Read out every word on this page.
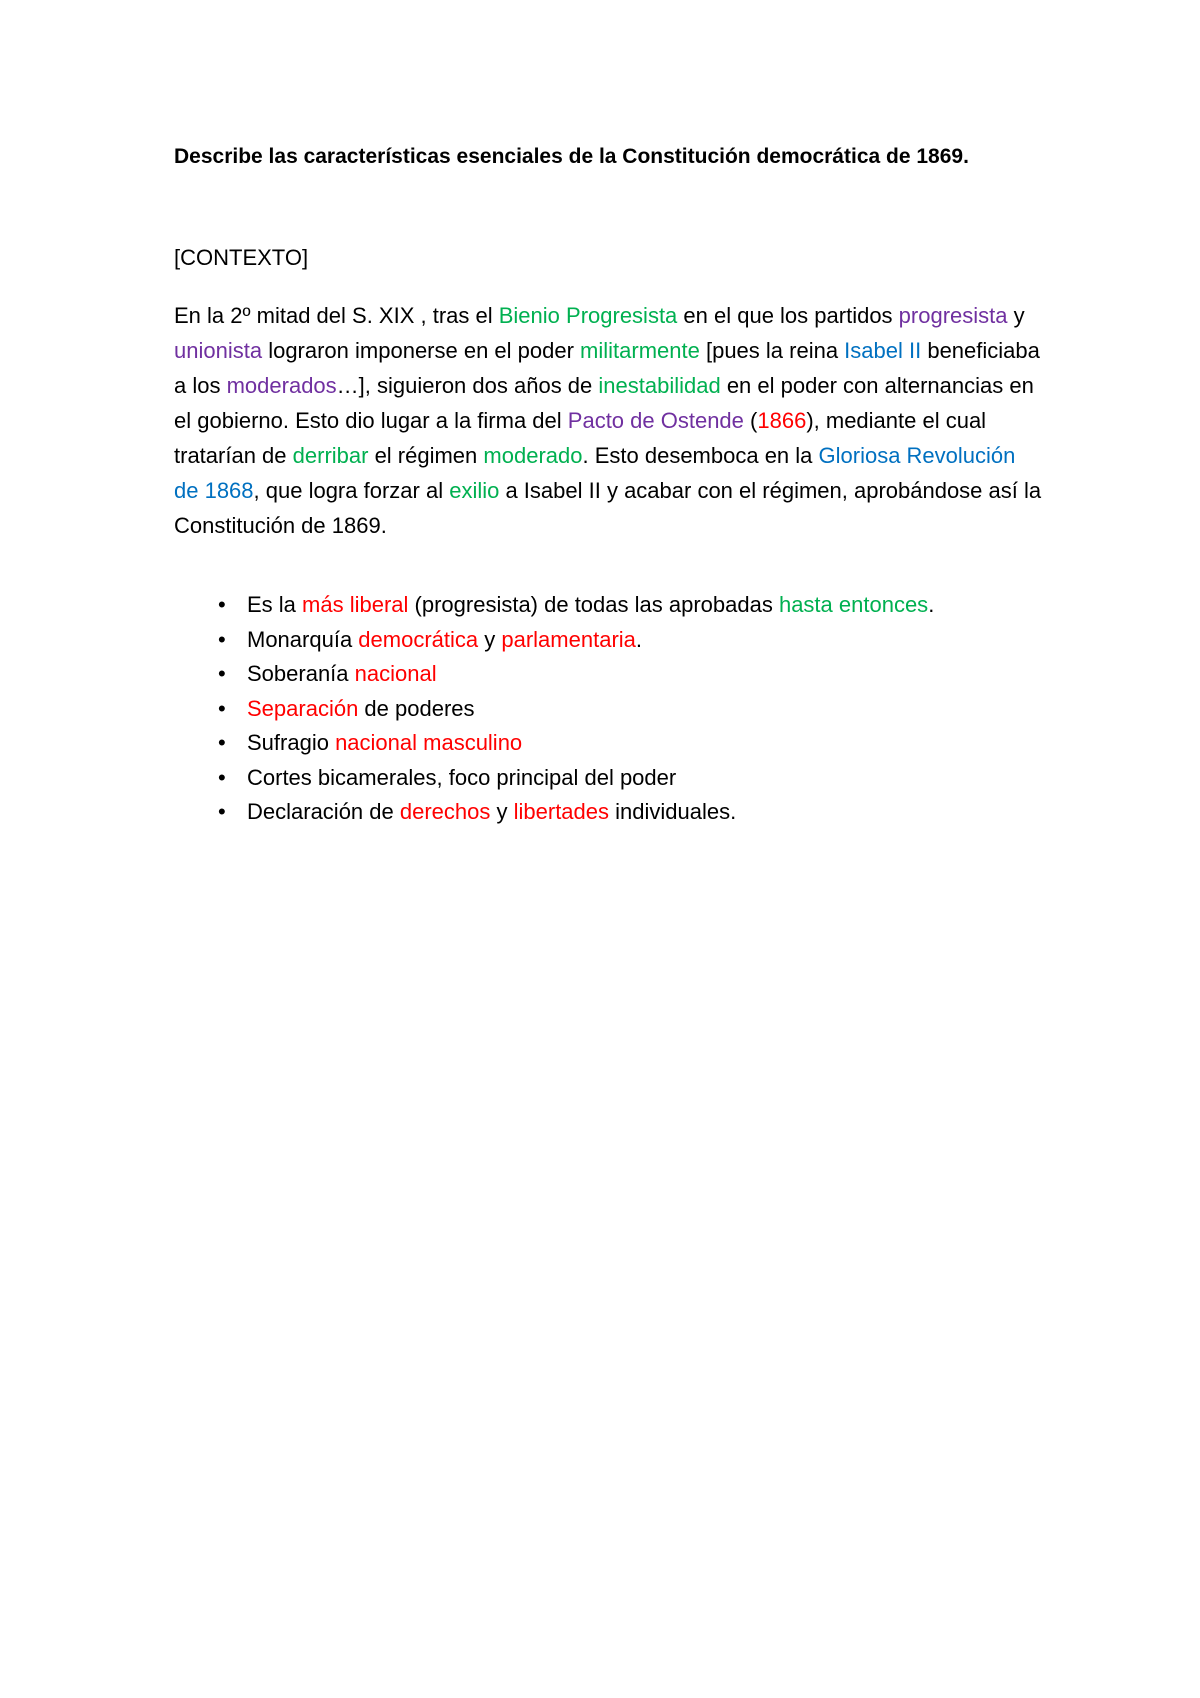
Describe las características esenciales de la Constitución democrática de 1869.

[CONTEXTO]

En la 2º mitad del S. XIX , tras el Bienio Progresista en el que los partidos progresista y unionista lograron imponerse en el poder militarmente [pues la reina Isabel II beneficiaba a los moderados…], siguieron dos años de inestabilidad en el poder con alternancias en el gobierno. Esto dio lugar a la firma del Pacto de Ostende (1866), mediante el cual tratarían de derribar el régimen moderado. Esto desemboca en la Gloriosa Revolución de 1868, que logra forzar al exilio a Isabel II y acabar con el régimen, aprobándose así la Constitución de 1869.

• Es la más liberal (progresista) de todas las aprobadas hasta entonces.
• Monarquía democrática y parlamentaria.
• Soberanía nacional
• Separación de poderes
• Sufragio nacional masculino
• Cortes bicamerales, foco principal del poder
• Declaración de derechos y libertades individuales.
